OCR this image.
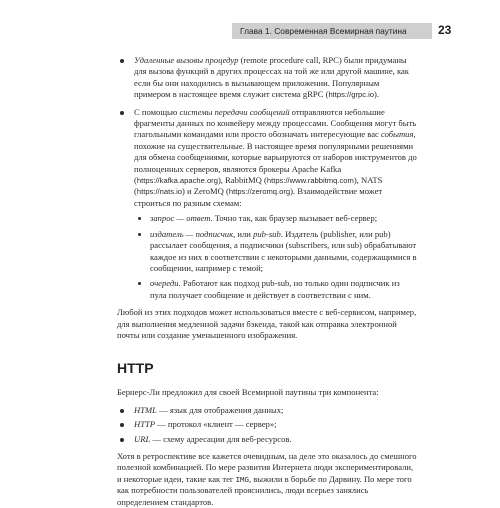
Глава 1. Современная Всемирная паутина	23
Удаленные вызовы процедур (remote procedure call, RPC) были придуманы для вызова функций в других процессах на той же или другой машине, как если бы они находились в вызывающем приложении. Популярным примером в настоящее время служит система gRPC (https://grpc.io).
С помощью системы передачи сообщений отправляются небольшие фрагменты данных по конвейеру между процессами. Сообщения могут быть глагольными командами или просто обозначать интересующие вас события, похожие на существительные. В настоящее время популярными решениями для обмена сообщениями, которые варьируются от наборов инструментов до полноценных серверов, являются брокеры Apache Kafka (https://kafka.apache.org), RabbitMQ (https://www.rabbitmq.com), NATS (https://nats.io) и ZeroMQ (https://zeromq.org). Взаимодействие может строиться по разным схемам:
запрос — ответ. Точно так, как браузер вызывает веб-сервер;
издатель — подписчик, или pub-sub. Издатель (publisher, или pub) рассылает сообщения, а подписчики (subscribers, или sub) обрабатывают каждое из них в соответствии с некоторыми данными, содержащимися в сообщении, например с темой;
очереди. Работают как подход pub-sub, но только один подписчик из пула получает сообщение и действует в соответствии с ним.

Любой из этих подходов может использоваться вместе с веб-сервисом, например, для выполнения медленной задачи бэкенда, такой как отправка электронной почты или создание уменьшенного изображения.

HTTP

Бернерс-Ли предложил для своей Всемирной паутины три компонента:

HTML — язык для отображения данных;
HTTP — протокол «клиент — сервер»;
URL — схему адресации для веб-ресурсов.

Хотя в ретроспективе все кажется очевидным, на деле это оказалось до смешного полезной комбинацией. По мере развития Интернета люди экспериментировали, и некоторые идеи, такие как тег IMG, выжили в борьбе по Дарвину. По мере того как потребности пользователей прояснились, люди всерьез занялись определением стандартов.
